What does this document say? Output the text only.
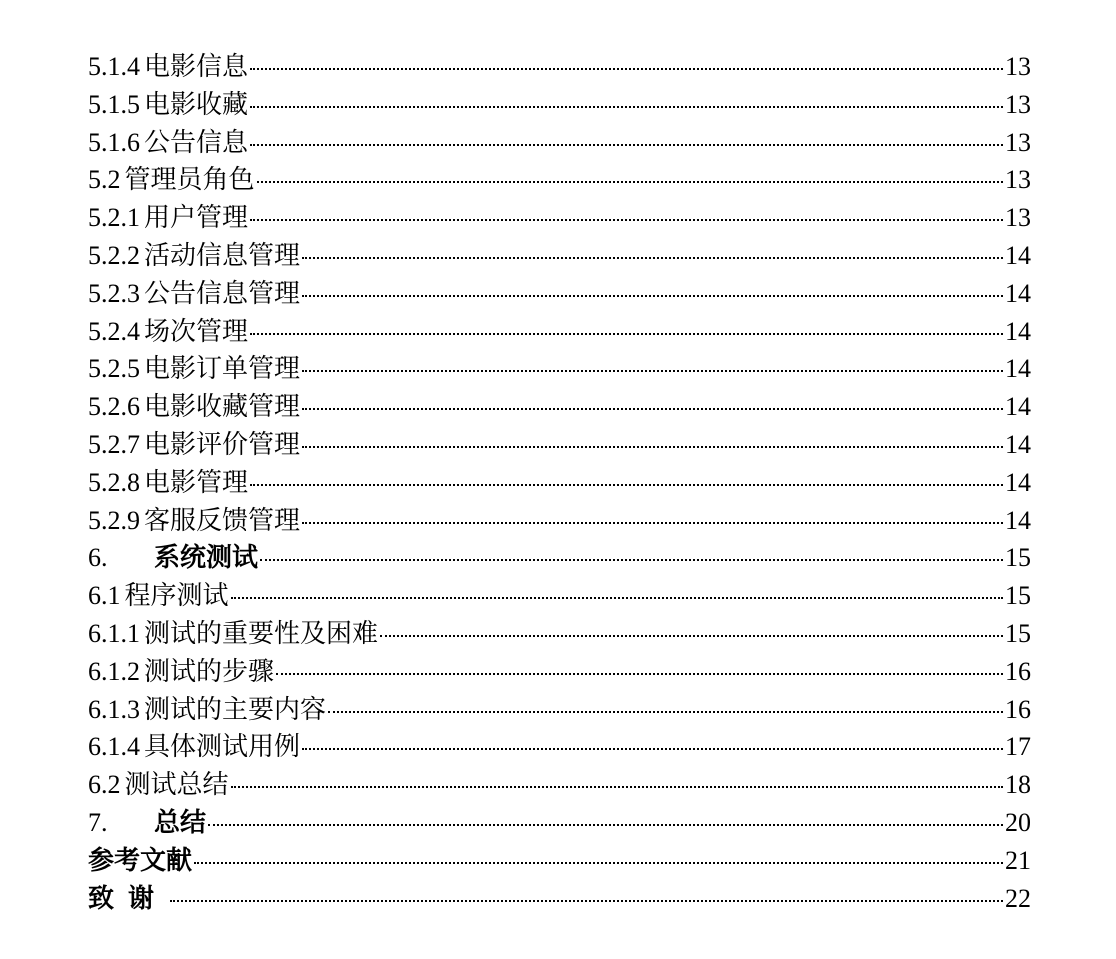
5.1.4 电影信息	13
5.1.5 电影收藏	13
5.1.6 公告信息	13
5.2 管理员角色	13
5.2.1 用户管理	13
5.2.2 活动信息管理	14
5.2.3 公告信息管理	14
5.2.4 场次管理	14
5.2.5 电影订单管理	14
5.2.6 电影收藏管理	14
5.2.7 电影评价管理	14
5.2.8 电影管理	14
5.2.9 客服反馈管理	14
6.	系统测试	15
6.1 程序测试	15
6.1.1 测试的重要性及困难	15
6.1.2 测试的步骤	16
6.1.3 测试的主要内容	16
6.1.4 具体测试用例	17
6.2 测试总结	18
7.	总结	20
参考文献	21
致谢	22
